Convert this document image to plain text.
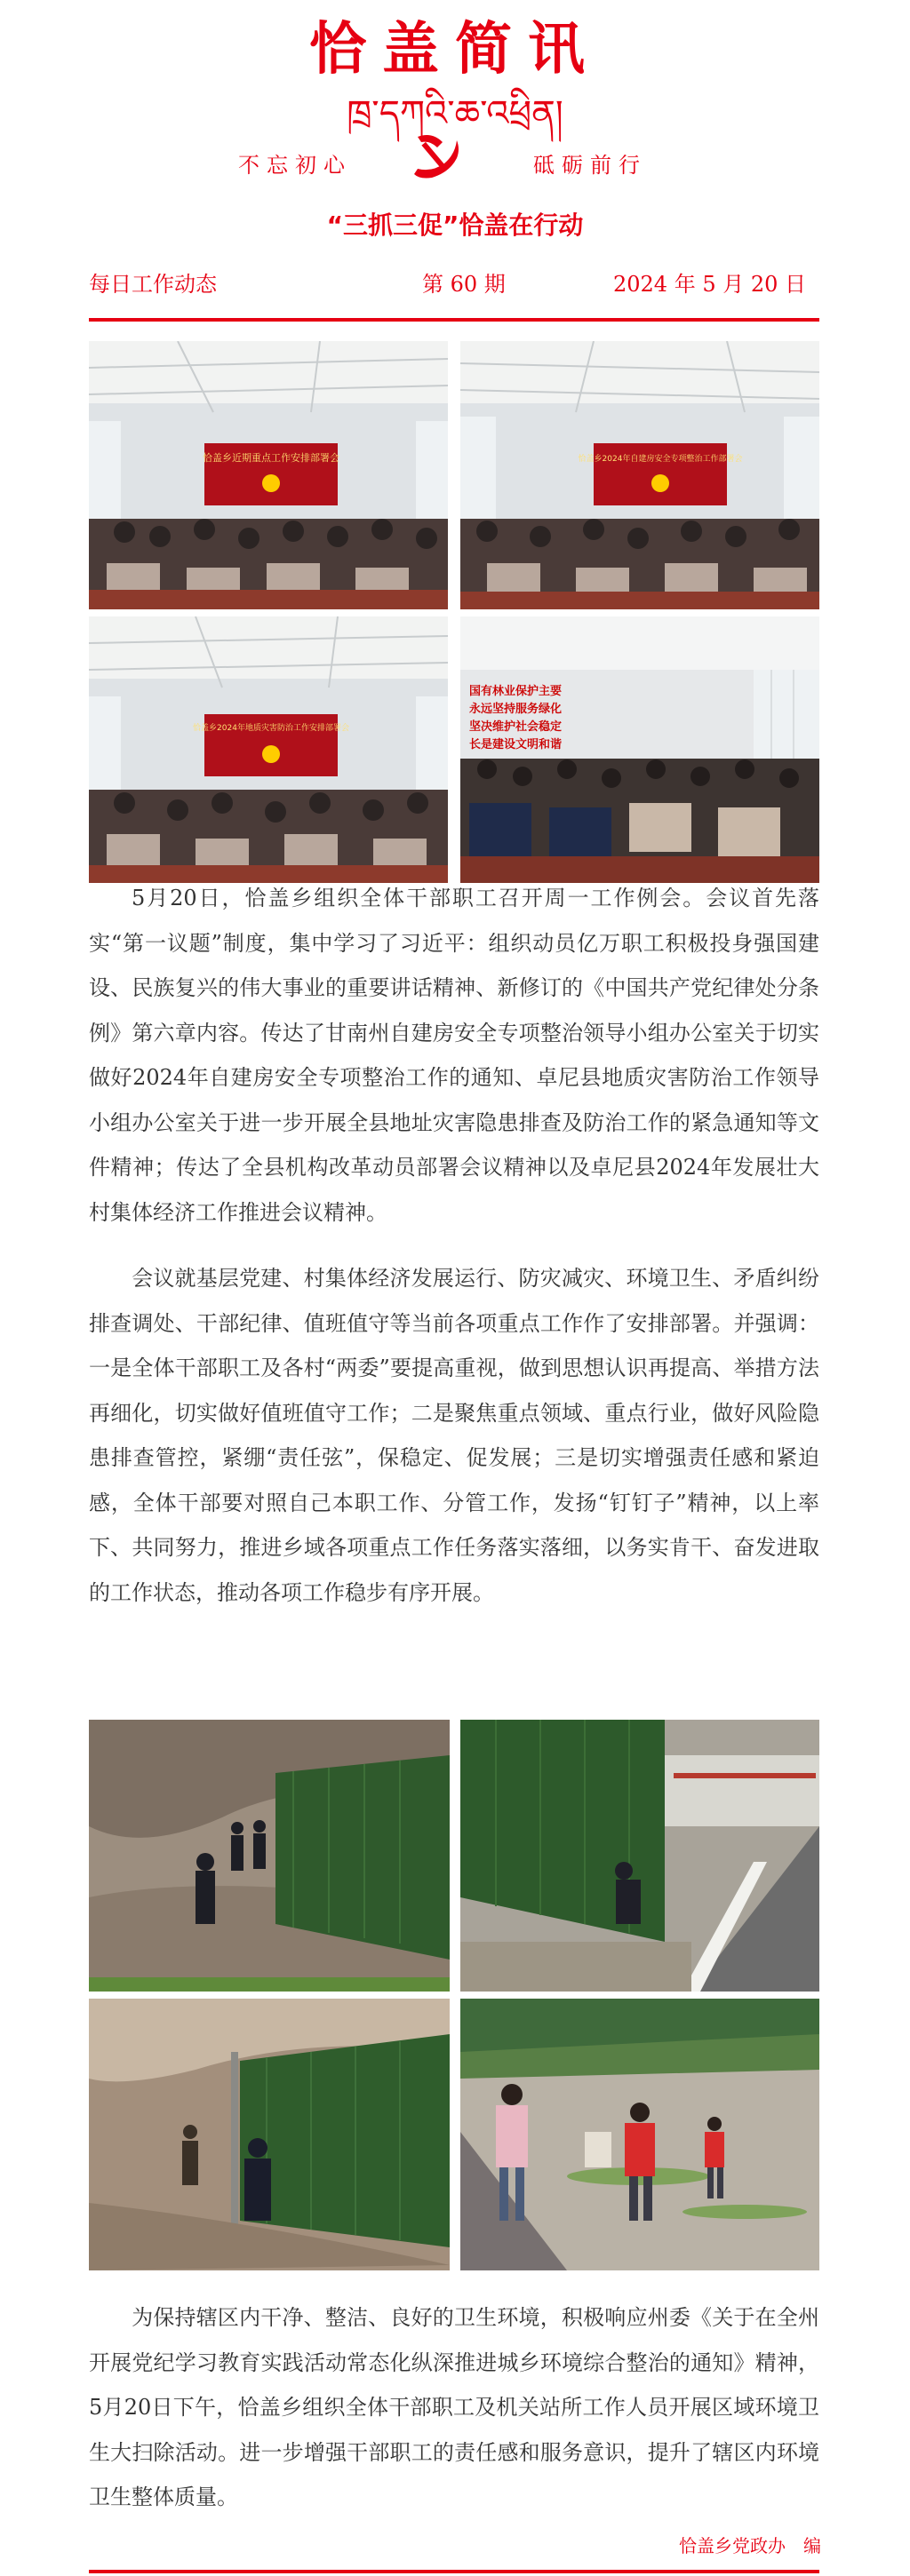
恰盖简讯
ཁྲ་དཀའི་ཆ་འཕྲིན།
不忘初心	砥砺前行
“三抓三促”恰盖在行动
每日工作动态	第 60 期	2024 年 5 月 20 日
恰盖乡近期重点工作安排部署会	恰盖乡2024年自建房安全专项整治工作部署会
恰盖乡2024年地质灾害防治工作安排部署会
国有林业保护主要
永远坚持服务绿化
坚决维护社会稳定
长是建设文明和谐

  5月20日，恰盖乡组织全体干部职工召开周一工作例会。会议首先落实“第一议题”制度，集中学习了习近平：组织动员亿万职工积极投身强国建设、民族复兴的伟大事业的重要讲话精神、新修订的《中国共产党纪律处分条例》第六章内容。传达了甘南州自建房安全专项整治领导小组办公室关于切实做好2024年自建房安全专项整治工作的通知、卓尼县地质灾害防治工作领导小组办公室关于进一步开展全县地址灾害隐患排查及防治工作的紧急通知等文件精神；传达了全县机构改革动员部署会议精神以及卓尼县2024年发展壮大村集体经济工作推进会议精神。

  会议就基层党建、村集体经济发展运行、防灾减灾、环境卫生、矛盾纠纷排查调处、干部纪律、值班值守等当前各项重点工作作了安排部署。并强调：一是全体干部职工及各村“两委”要提高重视，做到思想认识再提高、举措方法再细化，切实做好值班值守工作；二是聚焦重点领域、重点行业，做好风险隐患排查管控，紧绷“责任弦”，保稳定、促发展；三是切实增强责任感和紧迫感，全体干部要对照自己本职工作、分管工作，发扬“钉钉子”精神，以上率下、共同努力，推进乡域各项重点工作任务落实落细，以务实肯干、奋发进取的工作状态，推动各项工作稳步有序开展。

  为保持辖区内干净、整洁、良好的卫生环境，积极响应州委《关于在全州开展党纪学习教育实践活动常态化纵深推进城乡环境综合整治的通知》精神，5月20日下午，恰盖乡组织全体干部职工及机关站所工作人员开展区域环境卫生大扫除活动。进一步增强干部职工的责任感和服务意识，提升了辖区内环境卫生整体质量。

恰盖乡党政办　编
